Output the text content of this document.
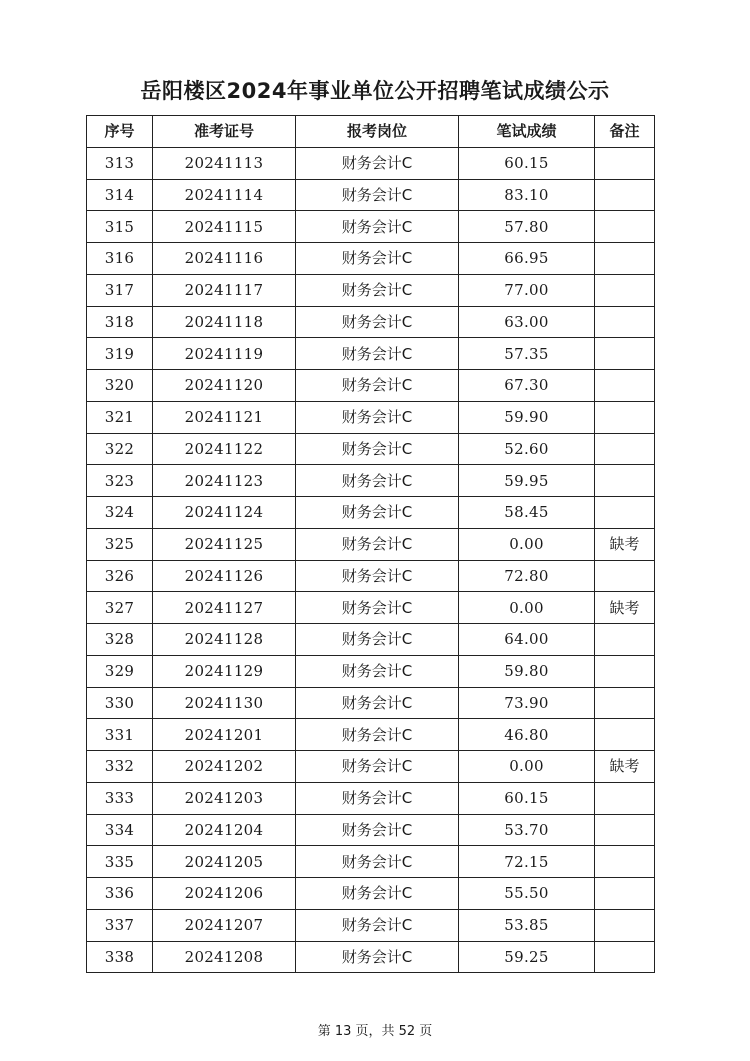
岳阳楼区2024年事业单位公开招聘笔试成绩公示
序号	准考证号	报考岗位	笔试成绩	备注
313	20241113	财务会计C	60.15	
314	20241114	财务会计C	83.10	
315	20241115	财务会计C	57.80	
316	20241116	财务会计C	66.95	
317	20241117	财务会计C	77.00	
318	20241118	财务会计C	63.00	
319	20241119	财务会计C	57.35	
320	20241120	财务会计C	67.30	
321	20241121	财务会计C	59.90	
322	20241122	财务会计C	52.60	
323	20241123	财务会计C	59.95	
324	20241124	财务会计C	58.45	
325	20241125	财务会计C	0.00	缺考
326	20241126	财务会计C	72.80	
327	20241127	财务会计C	0.00	缺考
328	20241128	财务会计C	64.00	
329	20241129	财务会计C	59.80	
330	20241130	财务会计C	73.90	
331	20241201	财务会计C	46.80	
332	20241202	财务会计C	0.00	缺考
333	20241203	财务会计C	60.15	
334	20241204	财务会计C	53.70	
335	20241205	财务会计C	72.15	
336	20241206	财务会计C	55.50	
337	20241207	财务会计C	53.85	
338	20241208	财务会计C	59.25	
第 13 页，共 52 页
